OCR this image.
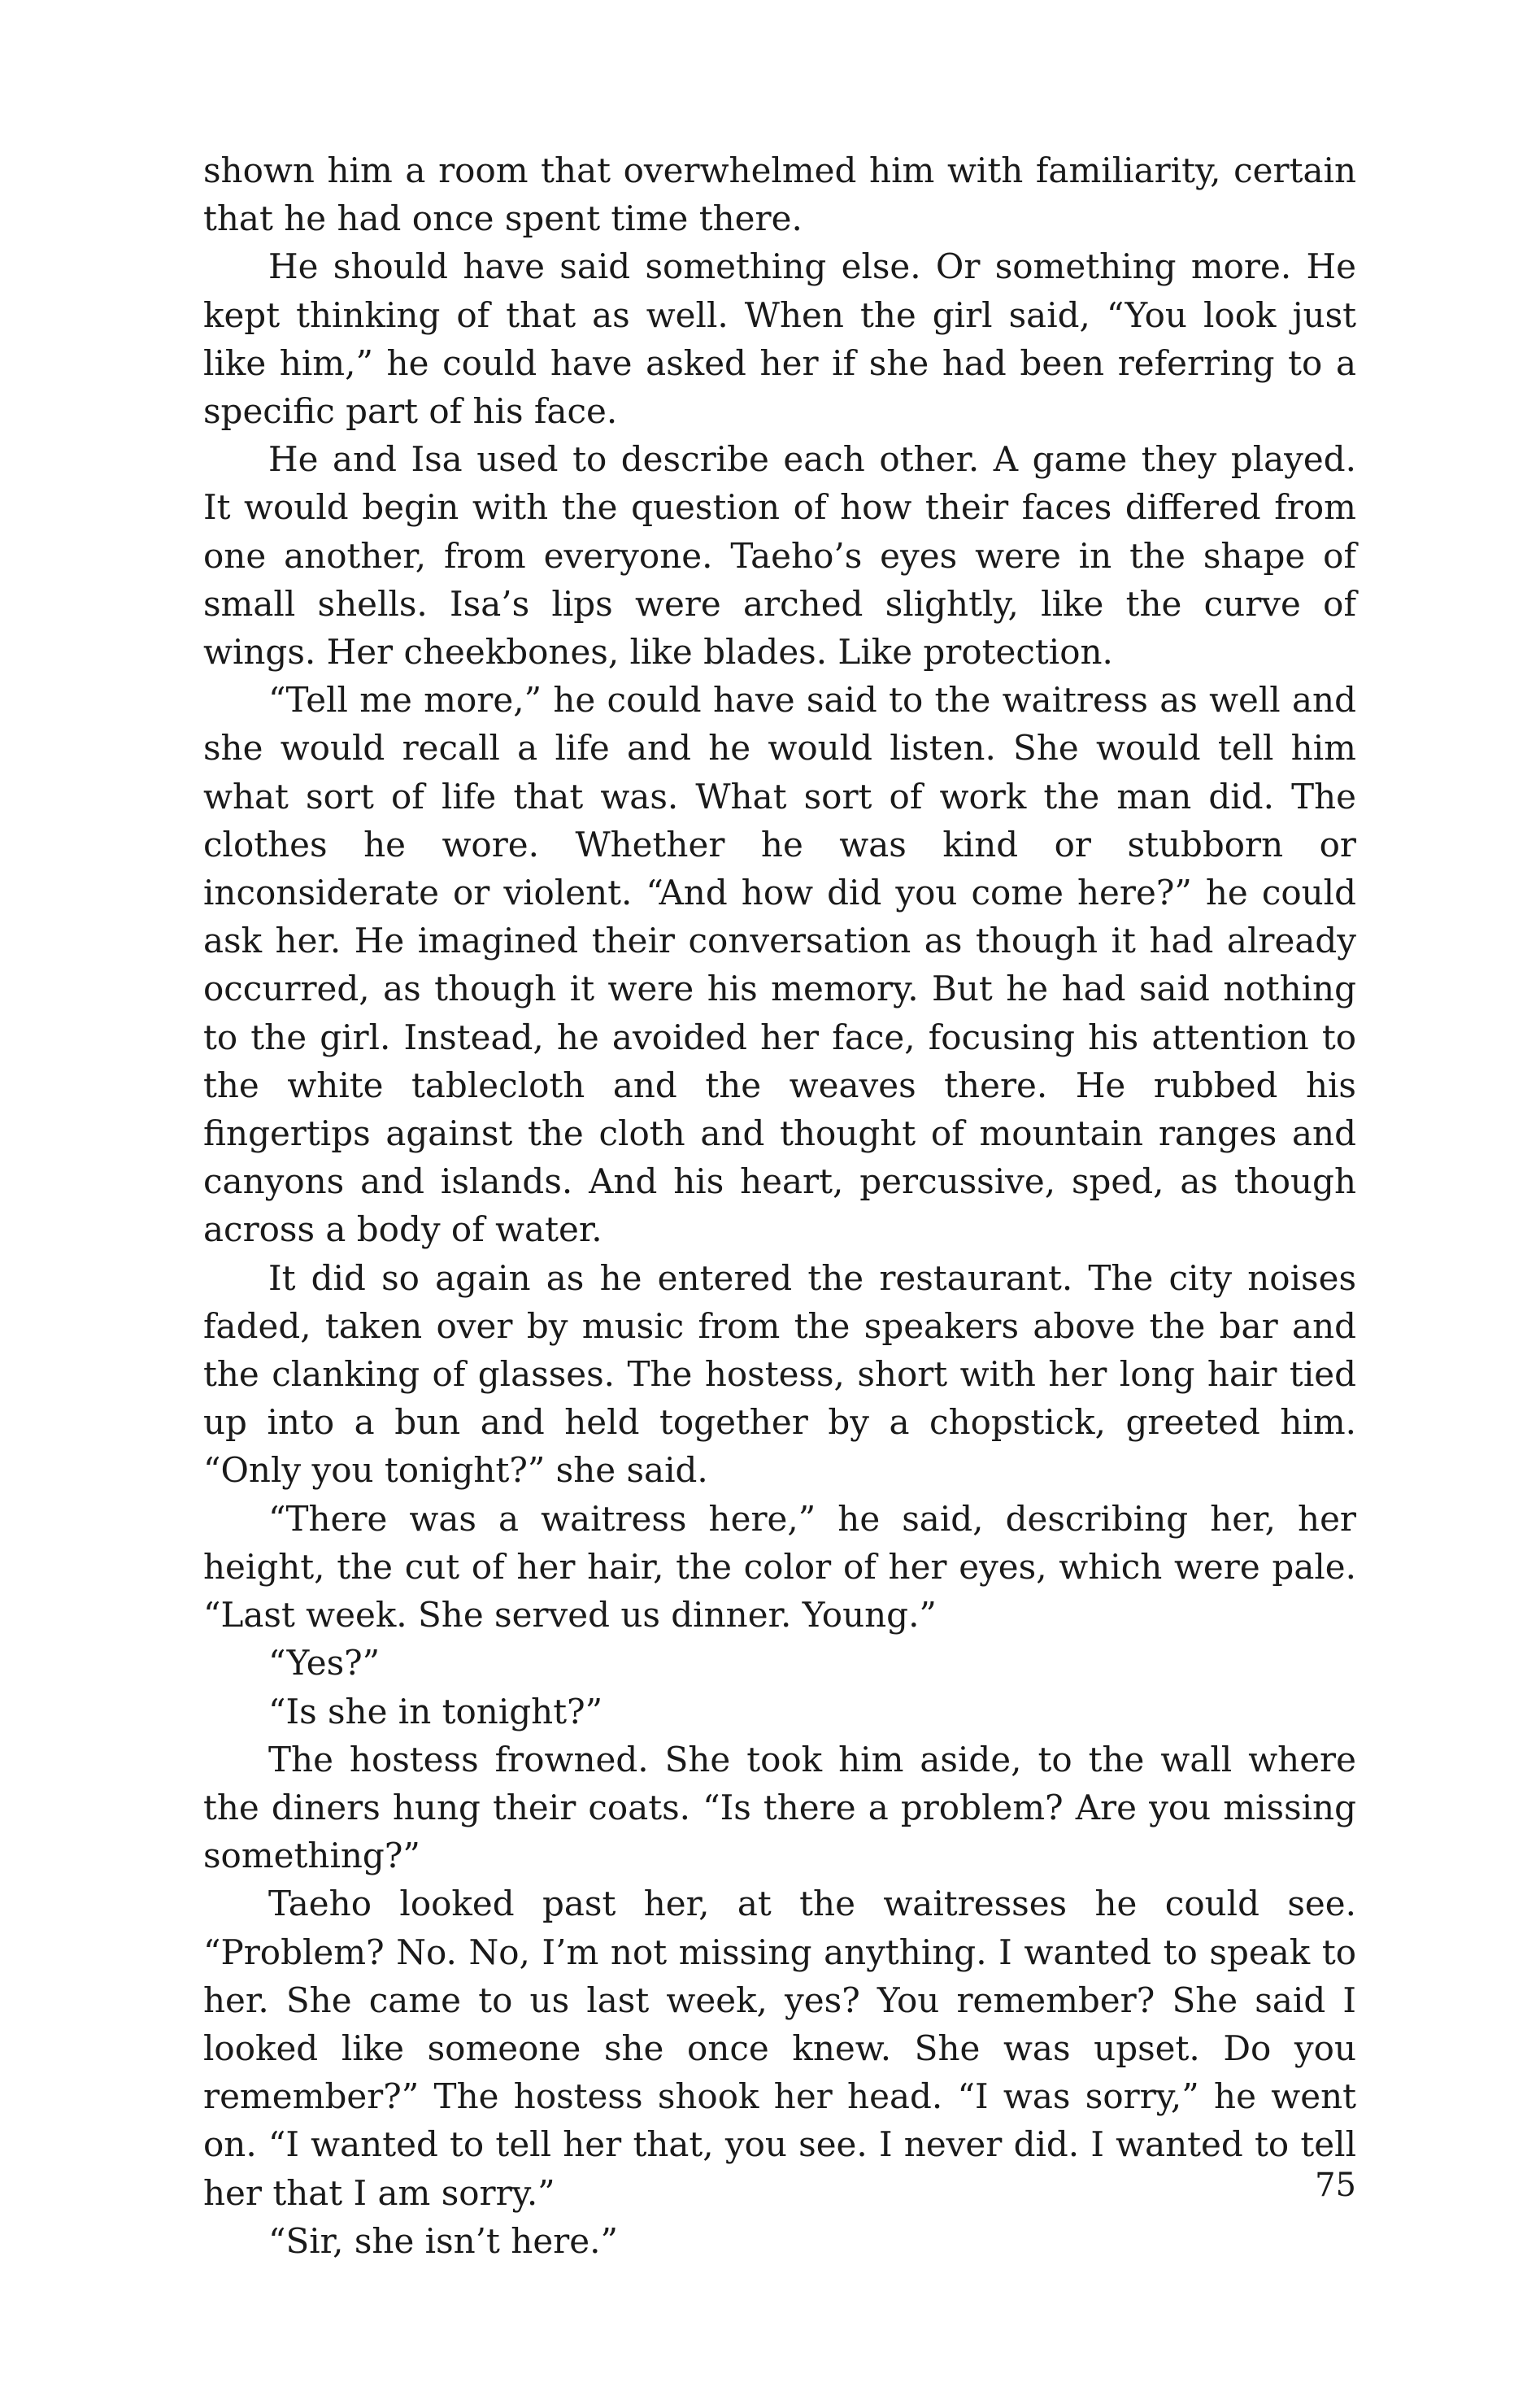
shown him a room that overwhelmed him with familiarity, certain that he had once spent time there.

He should have said something else. Or something more. He kept thinking of that as well. When the girl said, “You look just like him,” he could have asked her if she had been referring to a specific part of his face.

He and Isa used to describe each other. A game they played. It would begin with the question of how their faces differed from one another, from everyone. Taeho’s eyes were in the shape of small shells. Isa’s lips were arched slightly, like the curve of wings. Her cheekbones, like blades. Like protection.

“Tell me more,” he could have said to the waitress as well and she would recall a life and he would listen. She would tell him what sort of life that was. What sort of work the man did. The clothes he wore. Whether he was kind or stubborn or inconsiderate or violent. “And how did you come here?” he could ask her. He imagined their conversation as though it had already occurred, as though it were his memory. But he had said nothing to the girl. Instead, he avoided her face, focusing his attention to the white tablecloth and the weaves there. He rubbed his fingertips against the cloth and thought of mountain ranges and canyons and islands. And his heart, percussive, sped, as though across a body of water.

It did so again as he entered the restaurant. The city noises faded, taken over by music from the speakers above the bar and the clanking of glasses. The hostess, short with her long hair tied up into a bun and held together by a chopstick, greeted him. “Only you tonight?” she said.

“There was a waitress here,” he said, describing her, her height, the cut of her hair, the color of her eyes, which were pale. “Last week. She served us dinner. Young.”

“Yes?”

“Is she in tonight?”

The hostess frowned. She took him aside, to the wall where the diners hung their coats. “Is there a problem? Are you missing something?”

Taeho looked past her, at the waitresses he could see. “Problem? No. No, I’m not missing anything. I wanted to speak to her. She came to us last week, yes? You remember? She said I looked like someone she once knew. She was upset. Do you remember?” The hostess shook her head. “I was sorry,” he went on. “I wanted to tell her that, you see. I never did. I wanted to tell her that I am sorry.”

“Sir, she isn’t here.”

75
